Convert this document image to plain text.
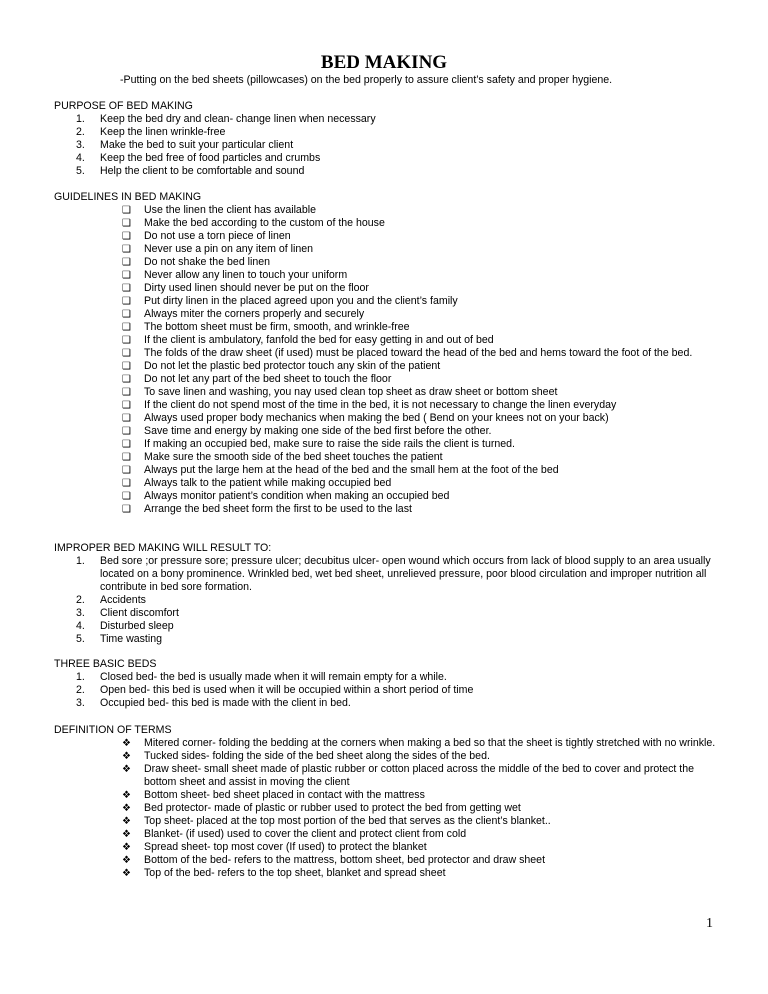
BED MAKING
-Putting on the bed sheets (pillowcases) on the bed properly to assure client’s safety and proper hygiene.
PURPOSE OF BED MAKING
1. Keep the bed dry and clean- change linen when necessary
2. Keep the linen wrinkle-free
3. Make the bed to suit your particular client
4. Keep the bed free of food particles and crumbs
5. Help the client to be comfortable and sound
GUIDELINES IN BED MAKING
❑ Use the linen the client has available
❑ Make the bed according to the custom of the house
❑ Do not use a torn piece of linen
❑ Never use a pin on any item of linen
❑ Do not shake the bed linen
❑ Never allow any linen to touch your uniform
❑ Dirty used linen should never be put on the floor
❑ Put dirty linen in the placed agreed upon you and the client’s family
❑ Always miter the corners properly and securely
❑ The bottom sheet must be firm, smooth, and wrinkle-free
❑ If the client is ambulatory, fanfold the bed for easy getting in and out of bed
❑ The folds of the draw sheet (if used) must be placed toward the head of the bed and hems toward the foot of the bed.
❑ Do not let the plastic bed protector touch any skin of the patient
❑ Do not let any part of the bed sheet to touch the floor
❑ To save linen and washing, you nay used clean top sheet as draw sheet or bottom sheet
❑ If the client do not spend most of the time in the bed, it is not necessary to change the linen everyday
❑ Always used proper body mechanics when making the bed ( Bend on your knees not on your back)
❑ Save time and energy by making one side of the bed first before the other.
❑ If making an occupied bed, make sure to raise the side rails the client is turned.
❑ Make sure the smooth side of the bed sheet touches the patient
❑ Always put the large hem at the head of the bed and the small hem at the foot of the bed
❑ Always talk to the patient while making occupied bed
❑ Always monitor patient’s condition when making an occupied bed
❑ Arrange the bed sheet form the first to be used to the last
IMPROPER BED MAKING WILL RESULT TO:
1. Bed sore ;or pressure sore; pressure ulcer; decubitus ulcer- open wound which occurs from lack of blood supply to an area usually located on a bony prominence. Wrinkled bed, wet bed sheet, unrelieved pressure, poor blood circulation and improper nutrition all contribute in bed sore formation.
2. Accidents
3. Client discomfort
4. Disturbed sleep
5. Time wasting
THREE BASIC BEDS
1. Closed bed- the bed is usually made when it will remain empty for a while.
2. Open bed- this bed is used when it will be occupied within a short period of time
3. Occupied bed- this bed is made with the client in bed.
DEFINITION OF TERMS
❖ Mitered corner- folding the bedding at the corners when making a bed so that the sheet is tightly stretched with no wrinkle.
❖ Tucked sides- folding the side of the bed sheet along the sides of the bed.
❖ Draw sheet- small sheet made of plastic rubber or cotton placed across the middle of the bed to cover and protect the bottom sheet and assist in moving the client
❖ Bottom sheet- bed sheet placed in contact with the mattress
❖ Bed protector- made of plastic or rubber used to protect the bed from getting wet
❖ Top sheet- placed at the top most portion of the bed that serves as the client’s blanket..
❖ Blanket- (if used) used to cover the client and protect client from cold
❖ Spread sheet- top most cover (If used) to protect the blanket
❖ Bottom of the bed- refers to the mattress, bottom sheet, bed protector and draw sheet
❖ Top of the bed- refers to the top sheet, blanket and spread sheet
1
